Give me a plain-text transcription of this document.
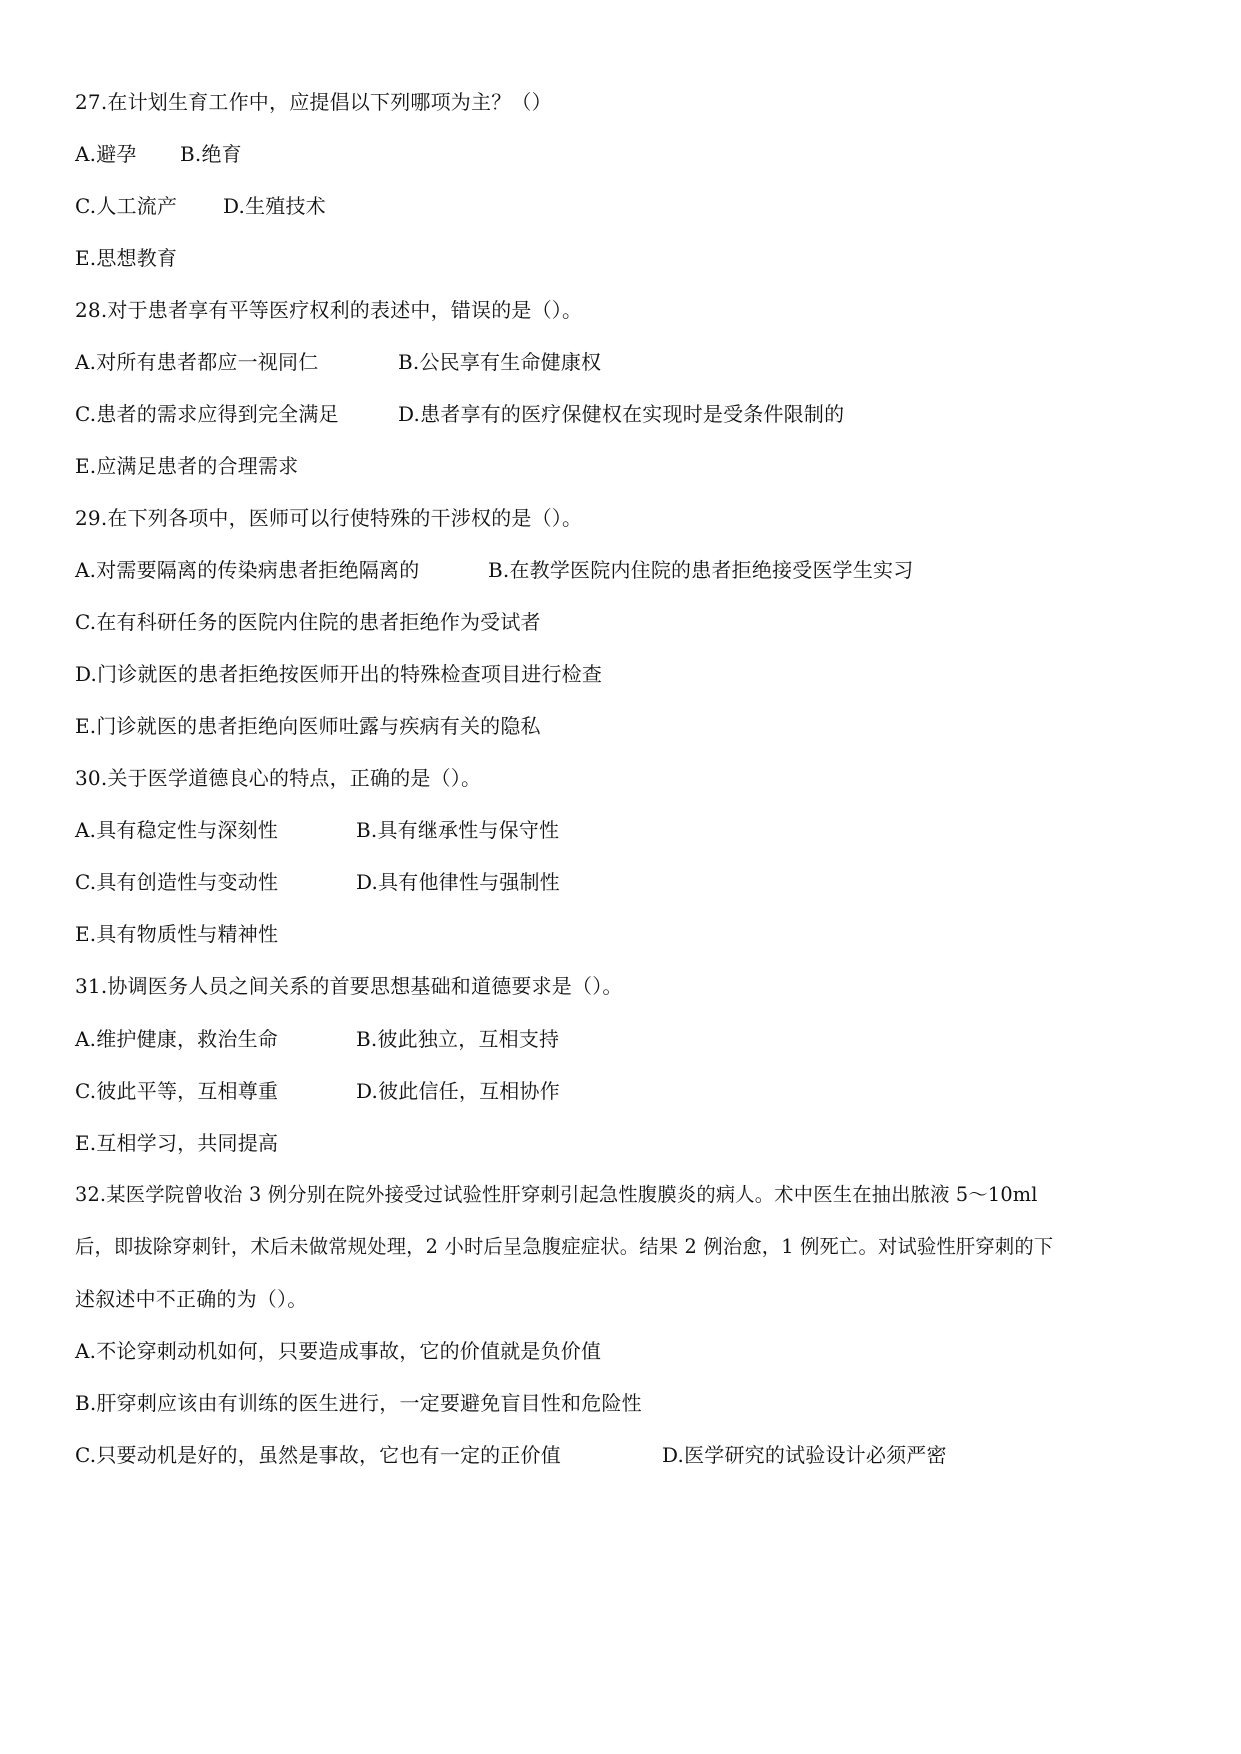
27.在计划生育工作中，应提倡以下列哪项为主？（）
A.避孕 B.绝育
C.人工流产 D.生殖技术
E.思想教育
28.对于患者享有平等医疗权利的表述中，错误的是（）。
A.对所有患者都应一视同仁	B.公民享有生命健康权
C.患者的需求应得到完全满足	D.患者享有的医疗保健权在实现时是受条件限制的
E.应满足患者的合理需求
29.在下列各项中，医师可以行使特殊的干涉权的是（）。
A.对需要隔离的传染病患者拒绝隔离的	B.在教学医院内住院的患者拒绝接受医学生实习
C.在有科研任务的医院内住院的患者拒绝作为受试者
D.门诊就医的患者拒绝按医师开出的特殊检查项目进行检查
E.门诊就医的患者拒绝向医师吐露与疾病有关的隐私
30.关于医学道德良心的特点，正确的是（）。
A.具有稳定性与深刻性	B.具有继承性与保守性
C.具有创造性与变动性	D.具有他律性与强制性
E.具有物质性与精神性
31.协调医务人员之间关系的首要思想基础和道德要求是（）。
A.维护健康，救治生命	B.彼此独立，互相支持
C.彼此平等，互相尊重	D.彼此信任，互相协作
E.互相学习，共同提高
32.某医学院曾收治 3 例分别在院外接受过试验性肝穿刺引起急性腹膜炎的病人。术中医生在抽出脓液 5～10ml
后，即拔除穿刺针，术后未做常规处理，2 小时后呈急腹症症状。结果 2 例治愈，1 例死亡。对试验性肝穿刺的下
述叙述中不正确的为（）。
A.不论穿刺动机如何，只要造成事故，它的价值就是负价值
B.肝穿刺应该由有训练的医生进行，一定要避免盲目性和危险性
C.只要动机是好的，虽然是事故，它也有一定的正价值	D.医学研究的试验设计必须严密
